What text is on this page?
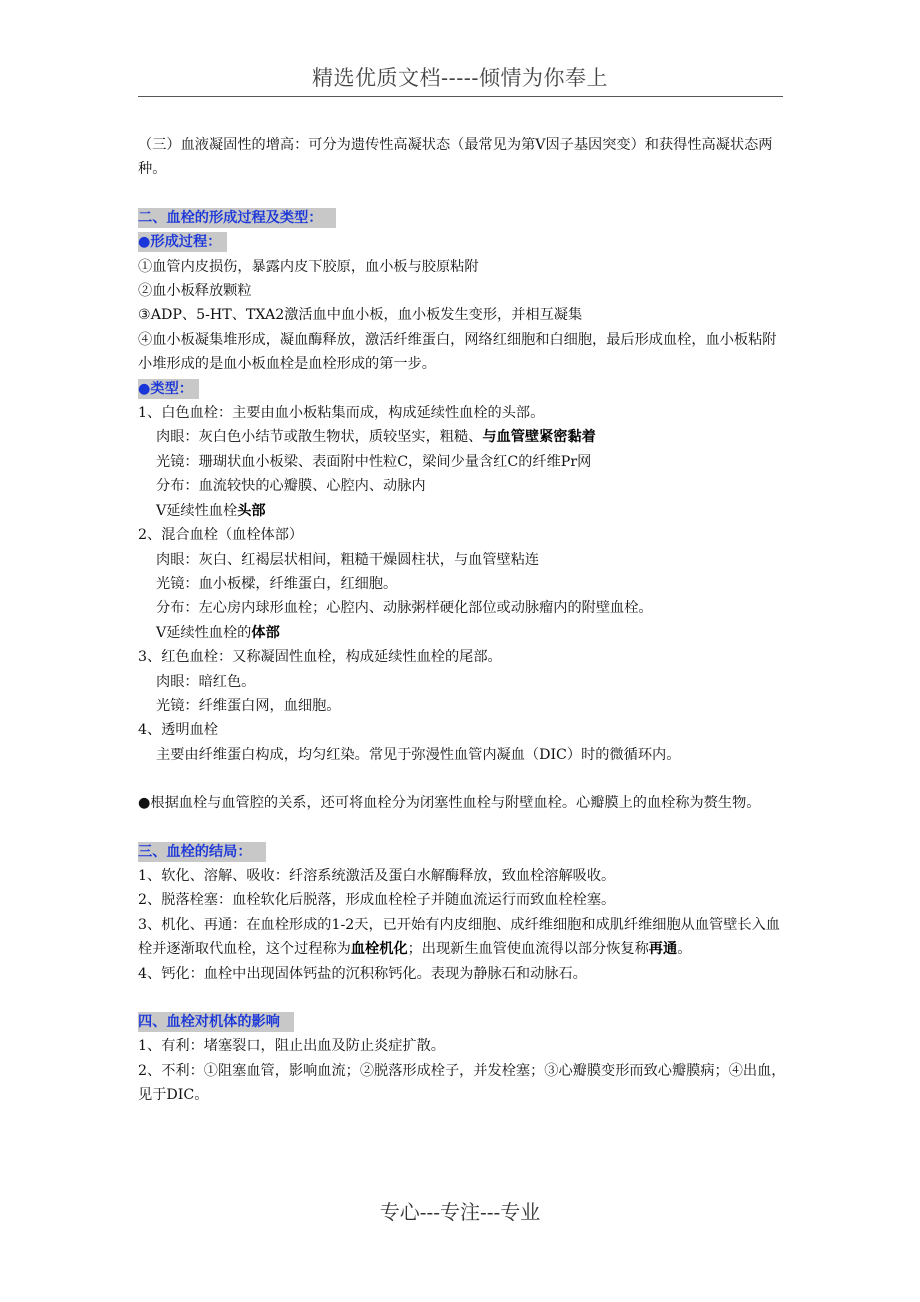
精选优质文档-----倾情为你奉上

（三）血液凝固性的增高：可分为遗传性高凝状态（最常见为第V因子基因突变）和获得性高凝状态两种。

二、血栓的形成过程及类型：

●形成过程：

①血管内皮损伤，暴露内皮下胶原，血小板与胶原粘附

②血小板释放颗粒

③ADP、5-HT、TXA2激活血中血小板，血小板发生变形，并相互凝集

④血小板凝集堆形成，凝血酶释放，激活纤维蛋白，网络红细胞和白细胞，最后形成血栓，血小板粘附小堆形成的是血小板血栓是血栓形成的第一步。

●类型：

1、白色血栓：主要由血小板粘集而成，构成延续性血栓的头部。

肉眼：灰白色小结节或散生物状，质较坚实，粗糙、与血管壁紧密黏着

光镜：珊瑚状血小板梁、表面附中性粒C，梁间少量含红C的纤维Pr网

分布：血流较快的心瓣膜、心腔内、动脉内

V延续性血栓头部

2、混合血栓（血栓体部）

肉眼：灰白、红褐层状相间，粗糙干燥圆柱状，与血管壁粘连

光镜：血小板樑，纤维蛋白，红细胞。

分布：左心房内球形血栓；心腔内、动脉粥样硬化部位或动脉瘤内的附壁血栓。

V延续性血栓的体部

3、红色血栓：又称凝固性血栓，构成延续性血栓的尾部。

肉眼：暗红色。

光镜：纤维蛋白网，血细胞。

4、透明血栓

主要由纤维蛋白构成，均匀红染。常见于弥漫性血管内凝血（DIC）时的微循环内。

●根据血栓与血管腔的关系，还可将血栓分为闭塞性血栓与附壁血栓。心瓣膜上的血栓称为赘生物。

三、血栓的结局：

1、软化、溶解、吸收：纤溶系统激活及蛋白水解酶释放，致血栓溶解吸收。

2、脱落栓塞：血栓软化后脱落，形成血栓栓子并随血流运行而致血栓栓塞。

3、机化、再通：在血栓形成的1-2天，已开始有内皮细胞、成纤维细胞和成肌纤维细胞从血管壁长入血栓并逐渐取代血栓，这个过程称为血栓机化；出现新生血管使血流得以部分恢复称再通。

4、钙化：血栓中出现固体钙盐的沉积称钙化。表现为静脉石和动脉石。

四、血栓对机体的影响

1、有利：堵塞裂口，阻止出血及防止炎症扩散。

2、不利：①阻塞血管，影响血流；②脱落形成栓子，并发栓塞；③心瓣膜变形而致心瓣膜病；④出血，见于DIC。

专心---专注---专业
